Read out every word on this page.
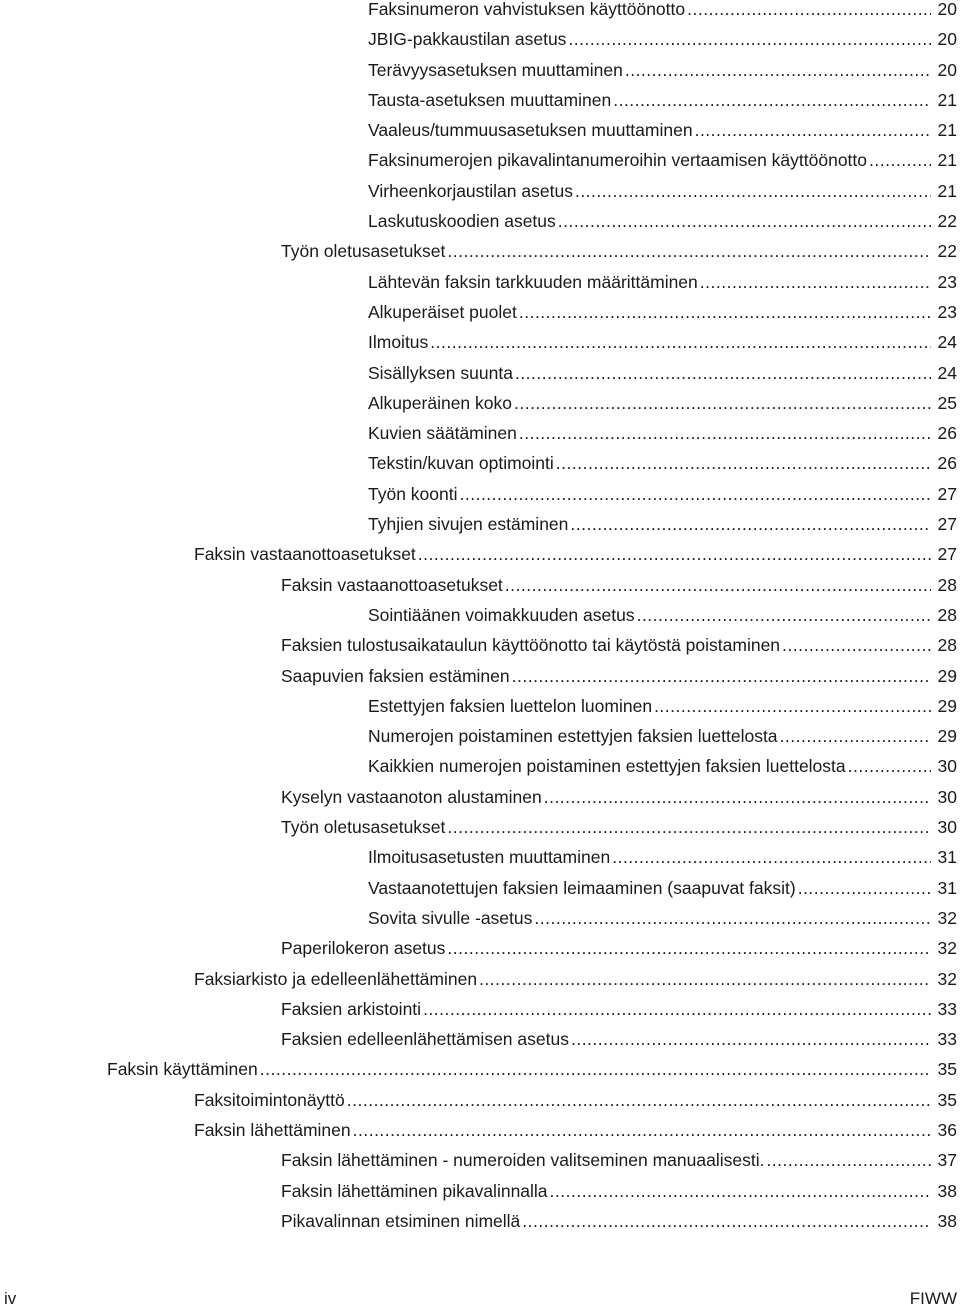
Faksinumeron vahvistuksen käyttöönotto .....	20
JBIG-pakkaustilan asetus .....	20
Terävyysasetuksen muuttaminen .....	20
Tausta-asetuksen muuttaminen .....	21
Vaaleus/tummuusasetuksen muuttaminen .....	21
Faksinumerojen pikavalintanumeroihin vertaamisen käyttöönotto .....	21
Virheenkorjaustilan asetus .....	21
Laskutuskoodien asetus .....	22
Työn oletusasetukset .....	22
Lähtevän faksin tarkkuuden määrittäminen .....	23
Alkuperäiset puolet .....	23
Ilmoitus .....	24
Sisällyksen suunta .....	24
Alkuperäinen koko .....	25
Kuvien säätäminen .....	26
Tekstin/kuvan optimointi .....	26
Työn koonti .....	27
Tyhjien sivujen estäminen .....	27
Faksin vastaanottoasetukset .....	27
Faksin vastaanottoasetukset .....	28
Sointiäänen voimakkuuden asetus .....	28
Faksien tulostusaikataulun käyttöönotto tai käytöstä poistaminen .....	28
Saapuvien faksien estäminen .....	29
Estettyjen faksien luettelon luominen .....	29
Numerojen poistaminen estettyjen faksien luettelosta .....	29
Kaikkien numerojen poistaminen estettyjen faksien luettelosta .....	30
Kyselyn vastaanoton alustaminen .....	30
Työn oletusasetukset .....	30
Ilmoitusasetusten muuttaminen .....	31
Vastaanotettujen faksien leimaaminen (saapuvat faksit) .....	31
Sovita sivulle -asetus .....	32
Paperilokeron asetus .....	32
Faksiarkisto ja edelleenlähettäminen .....	32
Faksien arkistointi .....	33
Faksien edelleenlähettämisen asetus .....	33
Faksin käyttäminen .....	35
Faksitoimintonäyttö .....	35
Faksin lähettäminen .....	36
Faksin lähettäminen - numeroiden valitseminen manuaalisesti. .....	37
Faksin lähettäminen pikavalinnalla .....	38
Pikavalinnan etsiminen nimellä .....	38
iv	FIWW
